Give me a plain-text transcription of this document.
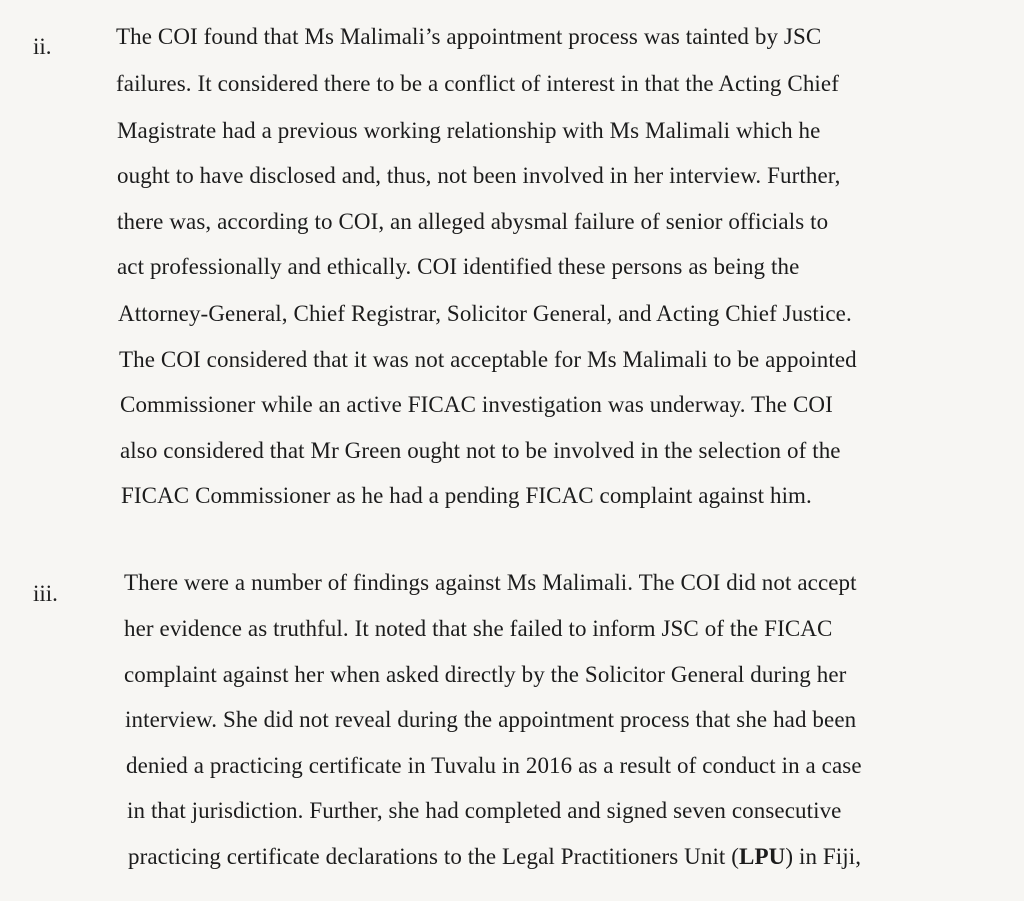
ii.	The COI found that Ms Malimali’s appointment process was tainted by JSC
failures. It considered there to be a conflict of interest in that the Acting Chief
Magistrate had a previous working relationship with Ms Malimali which he
ought to have disclosed and, thus, not been involved in her interview. Further,
there was, according to COI, an alleged abysmal failure of senior officials to
act professionally and ethically. COI identified these persons as being the
Attorney-General, Chief Registrar, Solicitor General, and Acting Chief Justice.
The COI considered that it was not acceptable for Ms Malimali to be appointed
Commissioner while an active FICAC investigation was underway. The COI
also considered that Mr Green ought not to be involved in the selection of the
FICAC Commissioner as he had a pending FICAC complaint against him.
iii.	There were a number of findings against Ms Malimali. The COI did not accept
her evidence as truthful. It noted that she failed to inform JSC of the FICAC
complaint against her when asked directly by the Solicitor General during her
interview. She did not reveal during the appointment process that she had been
denied a practicing certificate in Tuvalu in 2016 as a result of conduct in a case
in that jurisdiction. Further, she had completed and signed seven consecutive
practicing certificate declarations to the Legal Practitioners Unit (LPU) in Fiji,
